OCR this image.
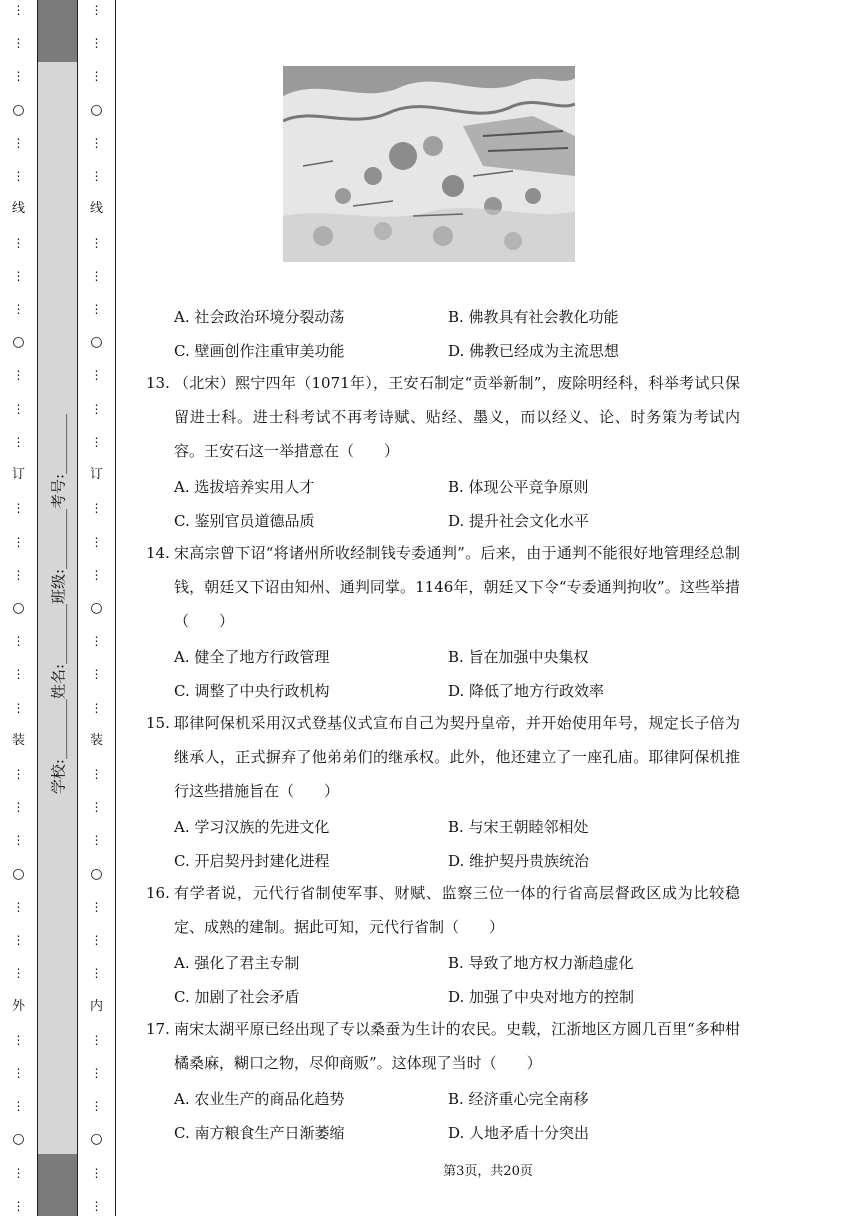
⋮
⋮
⋮
○
⋮
⋮
线
⋮
⋮
⋮
○
⋮
⋮
⋮
订
⋮
⋮
⋮
○
⋮
⋮
⋮
装
⋮
⋮
⋮
○
⋮
⋮
⋮
外
⋮
⋮
⋮
○
⋮
⋮
学校:________姓名:________班级:________考号:________
⋮
⋮
⋮
○
⋮
⋮
线
⋮
⋮
⋮
○
⋮
⋮
⋮
订
⋮
⋮
⋮
○
⋮
⋮
⋮
装
⋮
⋮
⋮
○
⋮
⋮
⋮
内
⋮
⋮
⋮
○
⋮
⋮
A. 社会政治环境分裂动荡	B. 佛教具有社会教化功能
C. 壁画创作注重审美功能	D. 佛教已经成为主流思想
13. （北宋）熙宁四年（1071年），王安石制定“贡举新制”，废除明经科，科举考试只保留进士科。进士科考试不再考诗赋、贴经、墨义，而以经义、论、时务策为考试内容。王安石这一举措意在（　　）
A. 选拔培养实用人才	B. 体现公平竞争原则
C. 鉴别官员道德品质	D. 提升社会文化水平
14. 宋高宗曾下诏“将诸州所收经制钱专委通判”。后来，由于通判不能很好地管理经总制钱，朝廷又下诏由知州、通判同掌。1146年，朝廷又下令“专委通判拘收”。这些举措（　　）
A. 健全了地方行政管理	B. 旨在加强中央集权
C. 调整了中央行政机构	D. 降低了地方行政效率
15. 耶律阿保机采用汉式登基仪式宣布自己为契丹皇帝，并开始使用年号，规定长子倍为继承人，正式摒弃了他弟弟们的继承权。此外，他还建立了一座孔庙。耶律阿保机推行这些措施旨在（　　）
A. 学习汉族的先进文化	B. 与宋王朝睦邻相处
C. 开启契丹封建化进程	D. 维护契丹贵族统治
16. 有学者说，元代行省制使军事、财赋、监察三位一体的行省高层督政区成为比较稳定、成熟的建制。据此可知，元代行省制（　　）
A. 强化了君主专制	B. 导致了地方权力渐趋虚化
C. 加剧了社会矛盾	D. 加强了中央对地方的控制
17. 南宋太湖平原已经出现了专以桑蚕为生计的农民。史载，江浙地区方圆几百里“多种柑橘桑麻，糊口之物，尽仰商贩”。这体现了当时（　　）
A. 农业生产的商品化趋势	B. 经济重心完全南移
C. 南方粮食生产日渐萎缩	D. 人地矛盾十分突出
第3页，共20页
